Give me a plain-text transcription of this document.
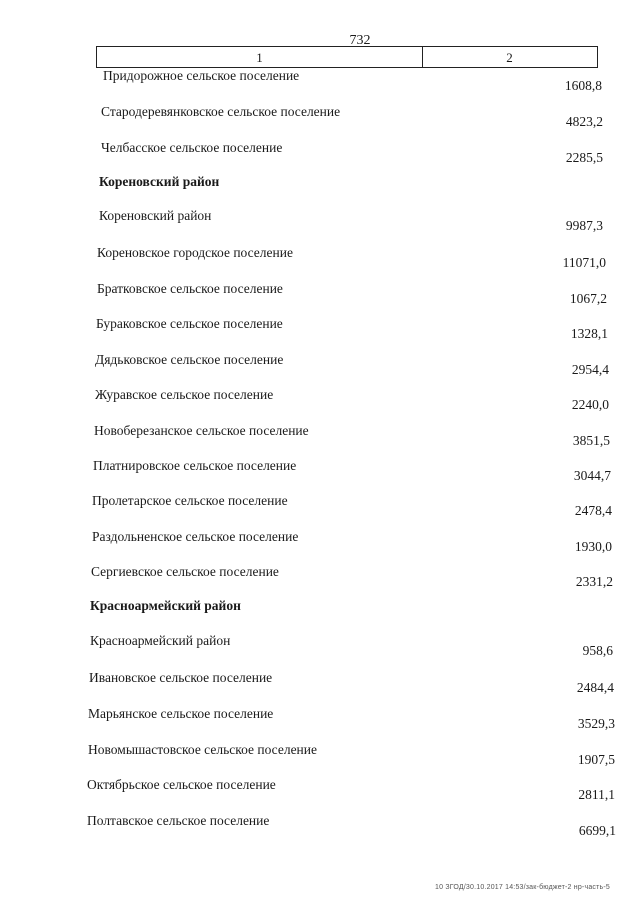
732
1	2
Придорожное сельское поселение
1608,8
Стародеревянковское сельское поселение
4823,2
Челбасское сельское поселение
2285,5
Кореновский район
Кореновский район
9987,3
Кореновское городское поселение
11071,0
Братковское сельское поселение
1067,2
Бураковское сельское поселение
1328,1
Дядьковское сельское поселение
2954,4
Журавское сельское поселение
2240,0
Новоберезанское сельское поселение
3851,5
Платнировское сельское поселение
3044,7
Пролетарское сельское поселение
2478,4
Раздольненское сельское поселение
1930,0
Сергиевское сельское поселение
2331,2
Красноармейский район
Красноармейский район
958,6
Ивановское сельское поселение
2484,4
Марьянское сельское поселение
3529,3
Новомышастовское сельское поселение
1907,5
Октябрьское сельское поселение
2811,1
Полтавское сельское поселение
6699,1
10 ЗГОД/30.10.2017 14:53/зак-бюджет-2 нр-часть-5
